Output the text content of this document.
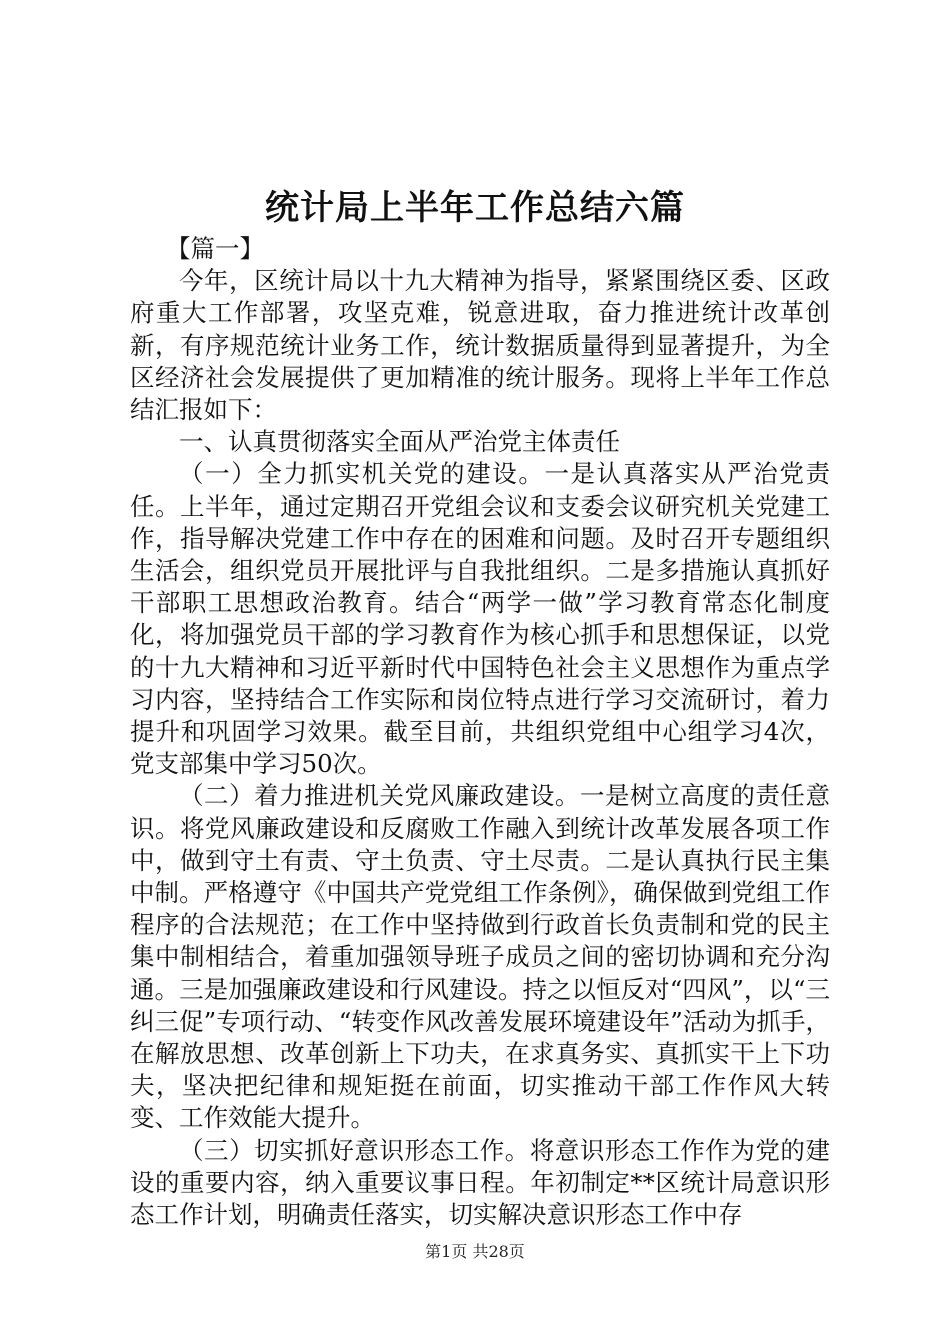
统计局上半年工作总结六篇

【篇一】

今年，区统计局以十九大精神为指导，紧紧围绕区委、区政府重大工作部署，攻坚克难，锐意进取，奋力推进统计改革创新，有序规范统计业务工作，统计数据质量得到显著提升，为全区经济社会发展提供了更加精准的统计服务。现将上半年工作总结汇报如下：

一、认真贯彻落实全面从严治党主体责任

（一）全力抓实机关党的建设。一是认真落实从严治党责任。上半年，通过定期召开党组会议和支委会议研究机关党建工作，指导解决党建工作中存在的困难和问题。及时召开专题组织生活会，组织党员开展批评与自我批组织。二是多措施认真抓好干部职工思想政治教育。结合“两学一做”学习教育常态化制度化，将加强党员干部的学习教育作为核心抓手和思想保证，以党的十九大精神和习近平新时代中国特色社会主义思想作为重点学习内容，坚持结合工作实际和岗位特点进行学习交流研讨，着力提升和巩固学习效果。截至目前，共组织党组中心组学习4次，党支部集中学习50次。

（二）着力推进机关党风廉政建设。一是树立高度的责任意识。将党风廉政建设和反腐败工作融入到统计改革发展各项工作中，做到守土有责、守土负责、守土尽责。二是认真执行民主集中制。严格遵守《中国共产党党组工作条例》，确保做到党组工作程序的合法规范；在工作中坚持做到行政首长负责制和党的民主集中制相结合，着重加强领导班子成员之间的密切协调和充分沟通。三是加强廉政建设和行风建设。持之以恒反对“四风”，以“三纠三促”专项行动、“转变作风改善发展环境建设年”活动为抓手，在解放思想、改革创新上下功夫，在求真务实、真抓实干上下功夫，坚决把纪律和规矩挺在前面，切实推动干部工作作风大转变、工作效能大提升。

（三）切实抓好意识形态工作。将意识形态工作作为党的建设的重要内容，纳入重要议事日程。年初制定**区统计局意识形态工作计划，明确责任落实，切实解决意识形态工作中存

第1页 共28页
